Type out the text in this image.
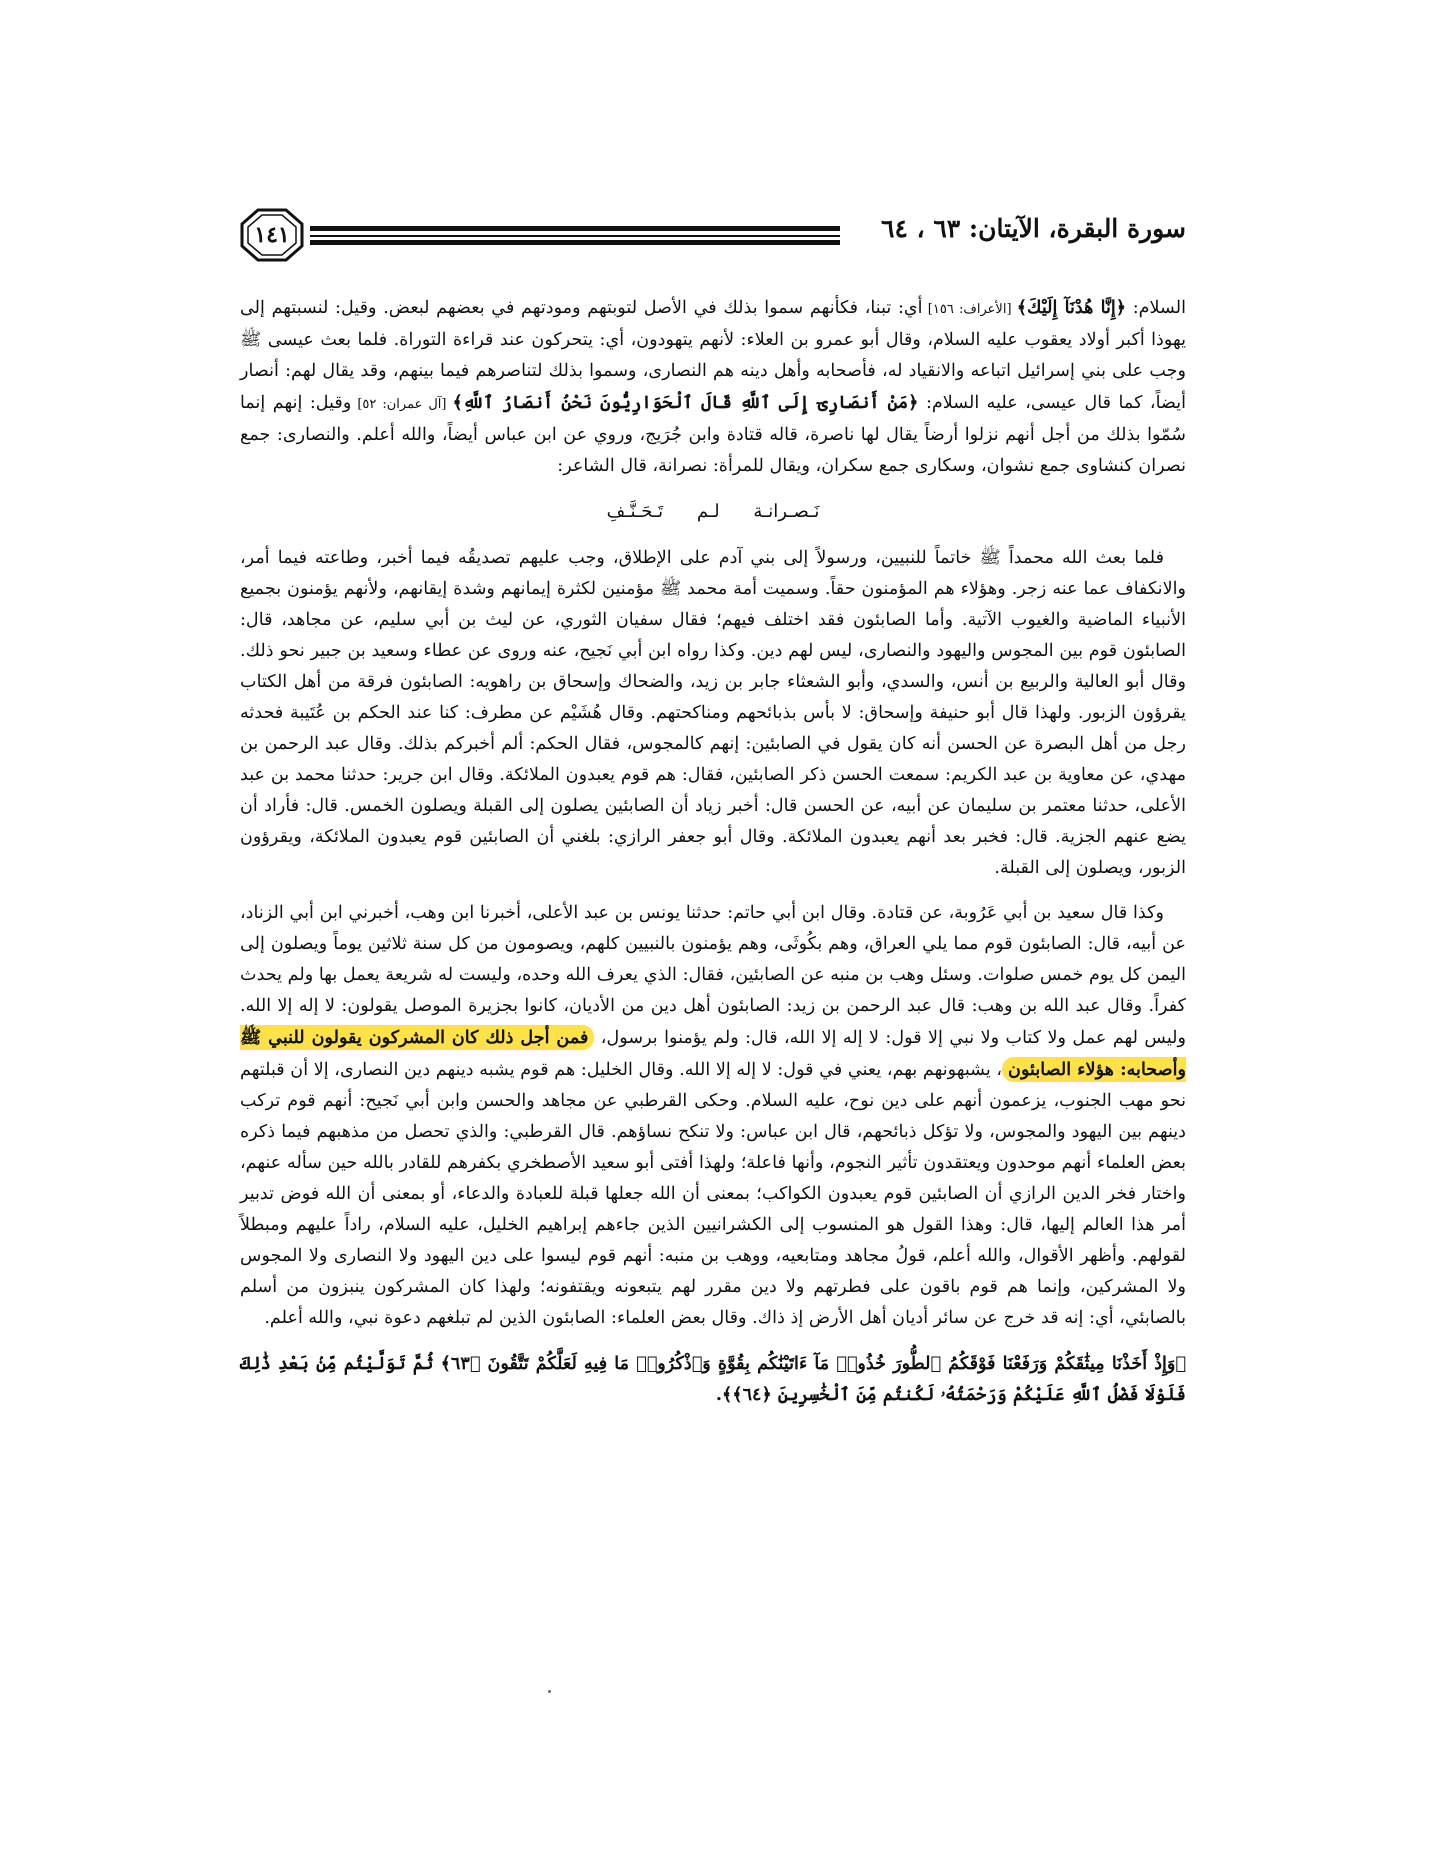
١٤١	سورة البقرة، الآيتان: ٦٣ ، ٦٤

السلام: ﴿إِنَّا هُدْنَآ إِلَيْكَ﴾ [الأعراف: ١٥٦] أي: تبنا، فكأنهم سموا بذلك في الأصل لتوبتهم ومودتهم في بعضهم لبعض. وقيل: لنسبتهم إلى يهوذا أكبر أولاد يعقوب عليه السلام، وقال أبو عمرو بن العلاء: لأنهم يتهودون، أي: يتحركون عند قراءة التوراة. فلما بعث عيسى ﷺ وجب على بني إسرائيل اتباعه والانقياد له، فأصحابه وأهل دينه هم النصارى، وسموا بذلك لتناصرهم فيما بينهم، وقد يقال لهم: أنصار أيضاً، كما قال عيسى، عليه السلام: ﴿مَنْ أَنصَارِىٓ إِلَى ٱللَّهِ قَالَ ٱلْحَوَارِيُّونَ نَحْنُ أَنصَارُ ٱللَّهِ﴾ [آل عمران: ٥٢] وقيل: إنهم إنما سُمّوا بذلك من أجل أنهم نزلوا أرضاً يقال لها ناصرة، قاله قتادة وابن جُرَيج، وروي عن ابن عباس أيضاً، والله أعلم. والنصارى: جمع نصران كنشاوى جمع نشوان، وسكارى جمع سكران، ويقال للمرأة: نصرانة، قال الشاعر:

نَـصـرانـة لـم تَـحَـنَّـفِ

فلما بعث الله محمداً ﷺ خاتماً للنبيين، ورسولاً إلى بني آدم على الإطلاق، وجب عليهم تصديقُه فيما أخبر، وطاعته فيما أمر، والانكفاف عما عنه زجر. وهؤلاء هم المؤمنون حقاً. وسميت أمة محمد ﷺ مؤمنين لكثرة إيمانهم وشدة إيقانهم، ولأنهم يؤمنون بجميع الأنبياء الماضية والغيوب الآتية. وأما الصابئون فقد اختلف فيهم؛ فقال سفيان الثوري، عن ليث بن أبي سليم، عن مجاهد، قال: الصابئون قوم بين المجوس واليهود والنصارى، ليس لهم دين. وكذا رواه ابن أبي نَجيح، عنه وروى عن عطاء وسعيد بن جبير نحو ذلك. وقال أبو العالية والربيع بن أنس، والسدي، وأبو الشعثاء جابر بن زيد، والضحاك وإسحاق بن راهويه: الصابئون فرقة من أهل الكتاب يقرؤون الزبور. ولهذا قال أبو حنيفة وإسحاق: لا بأس بذبائحهم ومناكحتهم. وقال هُشَيْم عن مطرف: كنا عند الحكم بن عُتَيبة فحدثه رجل من أهل البصرة عن الحسن أنه كان يقول في الصابئين: إنهم كالمجوس، فقال الحكم: ألم أخبركم بذلك. وقال عبد الرحمن بن مهدي، عن معاوية بن عبد الكريم: سمعت الحسن ذكر الصابئين، فقال: هم قوم يعبدون الملائكة. وقال ابن جرير: حدثنا محمد بن عبد الأعلى، حدثنا معتمر بن سليمان عن أبيه، عن الحسن قال: أخبر زياد أن الصابئين يصلون إلى القبلة ويصلون الخمس. قال: فأراد أن يضع عنهم الجزية. قال: فخبر بعد أنهم يعبدون الملائكة. وقال أبو جعفر الرازي: بلغني أن الصابئين قوم يعبدون الملائكة، ويقرؤون الزبور، ويصلون إلى القبلة.

وكذا قال سعيد بن أبي عَرُوبة، عن قتادة. وقال ابن أبي حاتم: حدثنا يونس بن عبد الأعلى، أخبرنا ابن وهب، أخبرني ابن أبي الزناد، عن أبيه، قال: الصابئون قوم مما يلي العراق، وهم بكُوثَى، وهم يؤمنون بالنبيين كلهم، ويصومون من كل سنة ثلاثين يوماً ويصلون إلى اليمن كل يوم خمس صلوات. وسئل وهب بن منبه عن الصابئين، فقال: الذي يعرف الله وحده، وليست له شريعة يعمل بها ولم يحدث كفراً. وقال عبد الله بن وهب: قال عبد الرحمن بن زيد: الصابئون أهل دين من الأديان، كانوا بجزيرة الموصل يقولون: لا إله إلا الله. وليس لهم عمل ولا كتاب ولا نبي إلا قول: لا إله إلا الله، قال: ولم يؤمنوا برسول، فمن أجل ذلك كان المشركون يقولون للنبي ﷺ وأصحابه: هؤلاء الصابئون، يشبهونهم بهم، يعني في قول: لا إله إلا الله. وقال الخليل: هم قوم يشبه دينهم دين النصارى، إلا أن قبلتهم نحو مهب الجنوب، يزعمون أنهم على دين نوح، عليه السلام. وحكى القرطبي عن مجاهد والحسن وابن أبي نَجيح: أنهم قوم تركب دينهم بين اليهود والمجوس، ولا تؤكل ذبائحهم، قال ابن عباس: ولا تنكح نساؤهم. قال القرطبي: والذي تحصل من مذهبهم فيما ذكره بعض العلماء أنهم موحدون ويعتقدون تأثير النجوم، وأنها فاعلة؛ ولهذا أفتى أبو سعيد الأصطخري بكفرهم للقادر بالله حين سأله عنهم، واختار فخر الدين الرازي أن الصابئين قوم يعبدون الكواكب؛ بمعنى أن الله جعلها قبلة للعبادة والدعاء، أو بمعنى أن الله فوض تدبير أمر هذا العالم إليها، قال: وهذا القول هو المنسوب إلى الكشرانيين الذين جاءهم إبراهيم الخليل، عليه السلام، راداً عليهم ومبطلاً لقولهم. وأظهر الأقوال، والله أعلم، قولُ مجاهد ومتابعيه، ووهب بن منبه: أنهم قوم ليسوا على دين اليهود ولا النصارى ولا المجوس ولا المشركين، وإنما هم قوم باقون على فطرتهم ولا دين مقرر لهم يتبعونه ويقتفونه؛ ولهذا كان المشركون ينبزون من أسلم بالصابئي، أي: إنه قد خرج عن سائر أديان أهل الأرض إذ ذاك. وقال بعض العلماء: الصابئون الذين لم تبلغهم دعوة نبي، والله أعلم.

﴿وَإِذْ أَخَذْنَا مِيثَٰقَكُمْ وَرَفَعْنَا فَوْقَكُمُ ٱلطُّورَ خُذُوا۟ مَآ ءَاتَيْنَٰكُم بِقُوَّةٍ وَٱذْكُرُوا۟ مَا فِيهِ لَعَلَّكُمْ تَتَّقُونَ ﴿٦٣﴾ ثُمَّ تَوَلَّيْتُم مِّنۢ بَعْدِ ذَٰلِكَ فَلَوْلَا فَضْلُ ٱللَّهِ عَلَيْكُمْ وَرَحْمَتُهُۥ لَكُنتُم مِّنَ ٱلْخَٰسِرِينَ ﴿٦٤﴾﴾.
